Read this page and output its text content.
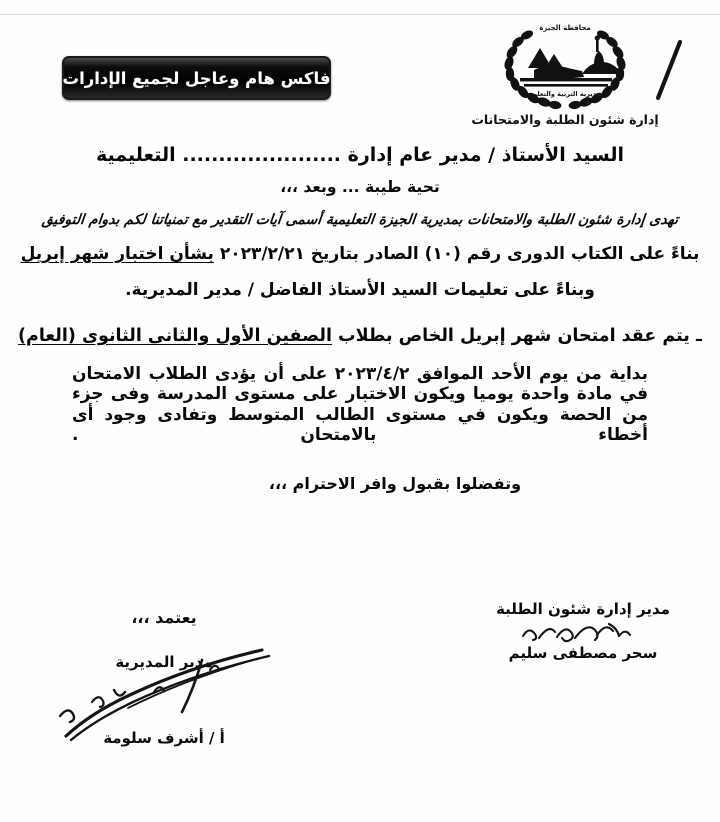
فاكس هام وعاجل لجميع الإدارات
محافظة الجيزة
مديرية التربية والتعليم
إدارة شئون الطلبة والامتحانات
السيد الأستاذ / مدير عام إدارة ...................... التعليمية
تحية طيبة ... وبعد ،،،
تهدى إدارة شئون الطلبة والامتحانات بمديرية الجيزة التعليمية أسمى آيات التقدير مع تمنياتنا لكم بدوام التوفيق
بناءً على الكتاب الدورى رقم (١٠) الصادر بتاريخ ٢٠٢٣/٢/٢١ بشأن اختبار شهر إبريل
وبناءً على تعليمات السيد الأستاذ الفاضل / مدير المديرية.
ـ يتم عقد امتحان شهر إبريل الخاص بطلاب الصفين الأول والثانى الثانوى (العام)
بداية من يوم الأحد الموافق ٢٠٢٣/٤/٢ على أن يؤدى الطلاب الامتحان في مادة واحدة يوميا ويكون الاختبار على مستوى المدرسة وفى جزء من الحصة ويكون في مستوى الطالب المتوسط وتفادى وجود أى أخطاء بالامتحان .
وتفضلوا بقبول وافر الاحترام ،،،
مدير إدارة شئون الطلبة
سحر مصطفى سليم
يعتمد ،،،
مدير المديرية
أ / أشرف سلومة
